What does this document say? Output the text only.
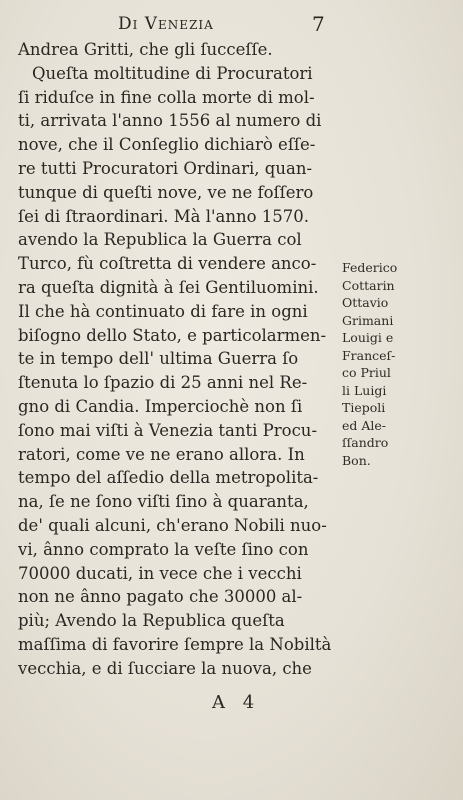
Di Venezia	7
Andrea Gritti, che gli ſucceſſe.
Queſta moltitudine di Procuratori
ſi riduſce in fine colla morte di mol-
ti, arrivata l'anno 1556 al numero di
nove, che il Conſeglio dichiarò eſſe-
re tutti Procuratori Ordinari, quan-
tunque di queſti nove, ve ne foſſero
ſei di ſtraordinari. Mà l'anno 1570.
avendo la Republica la Guerra col
Turco, fù coſtretta di vendere anco-
ra queſta dignità à ſei Gentiluomini.
Il che hà continuato di fare in ogni
biſogno dello Stato, e particolarmen-
te in tempo dell' ultima Guerra ſo
ſtenuta lo ſpazio di 25 anni nel Re-
gno di Candia. Imperciochè non ſi
ſono mai viſti à Venezia tanti Procu-
ratori, come ve ne erano allora. In
tempo del aſſedio della metropolita-
na, ſe ne ſono viſti ſino à quaranta,
de' quali alcuni, ch'erano Nobili nuo-
vi, ânno comprato la veſte ſino con
70000 ducati, in vece che i vecchi
non ne ânno pagato che 30000 al-
più; Avendo la Republica queſta
maſſima di favorire ſempre la Nobiltà
vecchia, e di ſucciare la nuova, che
Federico
Cottarin
Ottavio
Grimani
Louigi e
Franceſ-
co Priul
li Luigi
Tiepoli
ed Ale-
ſſandro
Bon.
A 4
